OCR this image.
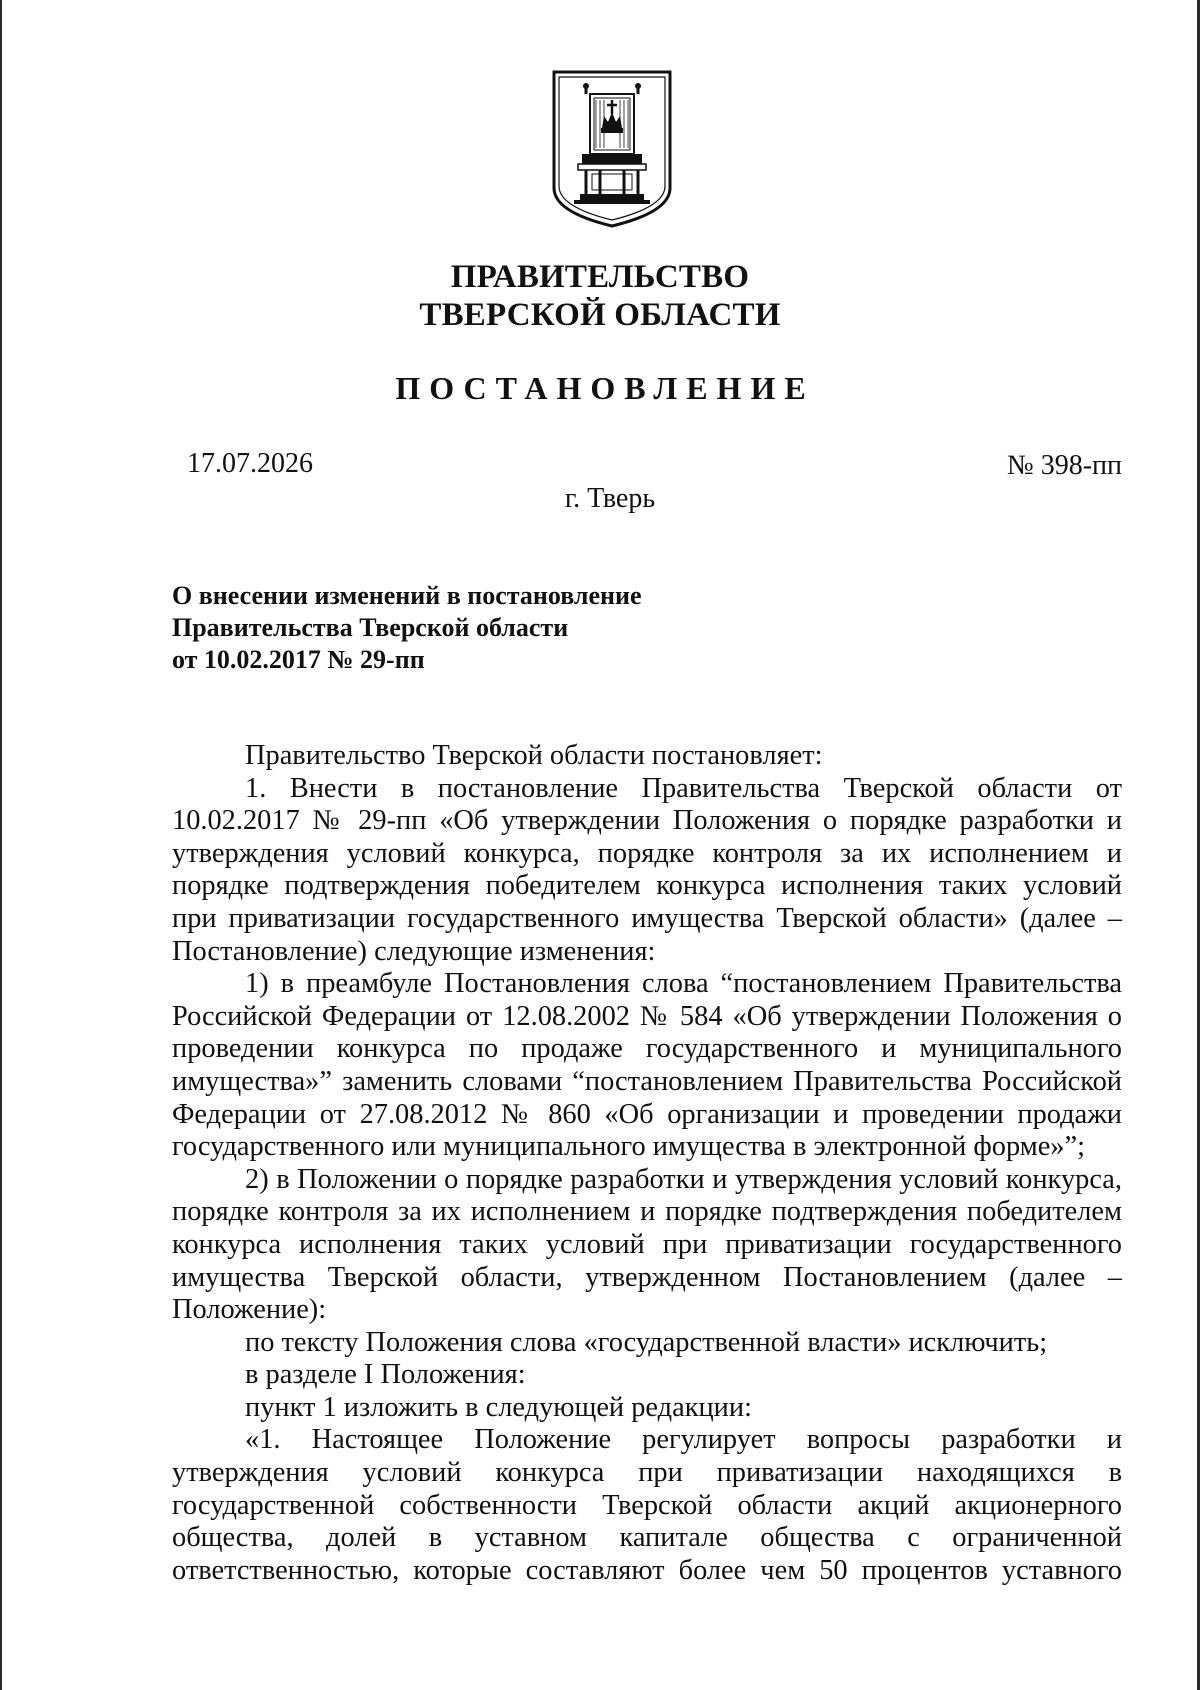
ПРАВИТЕЛЬСТВО
ТВЕРСКОЙ ОБЛАСТИ
ПОСТАНОВЛЕНИЕ
17.07.2026	№ 398-пп
г. Тверь
О внесении изменений в постановление
Правительства Тверской области
от 10.02.2017 № 29-пп

Правительство Тверской области постановляет:

1. Внести в постановление Правительства Тверской области от 10.02.2017 № 29-пп «Об утверждении Положения о порядке разработки и утверждения условий конкурса, порядке контроля за их исполнением и порядке подтверждения победителем конкурса исполнения таких условий при приватизации государственного имущества Тверской области» (далее – Постановление) следующие изменения:

1) в преамбуле Постановления слова “постановлением Правительства Российской Федерации от 12.08.2002 № 584 «Об утверждении Положения о проведении конкурса по продаже государственного и муниципального имущества»” заменить словами “постановлением Правительства Российской Федерации от 27.08.2012 № 860 «Об организации и проведении продажи государственного или муниципального имущества в электронной форме»”;

2) в Положении о порядке разработки и утверждения условий конкурса, порядке контроля за их исполнением и порядке подтверждения победителем конкурса исполнения таких условий при приватизации государственного имущества Тверской области, утвержденном Постановлением (далее – Положение):

по тексту Положения слова «государственной власти» исключить;

в разделе I Положения:

пункт 1 изложить в следующей редакции:

«1. Настоящее Положение регулирует вопросы разработки и утверждения условий конкурса при приватизации находящихся в государственной собственности Тверской области акций акционерного общества, долей в уставном капитале общества с ограниченной ответственностью, которые составляют более чем 50 процентов уставного
